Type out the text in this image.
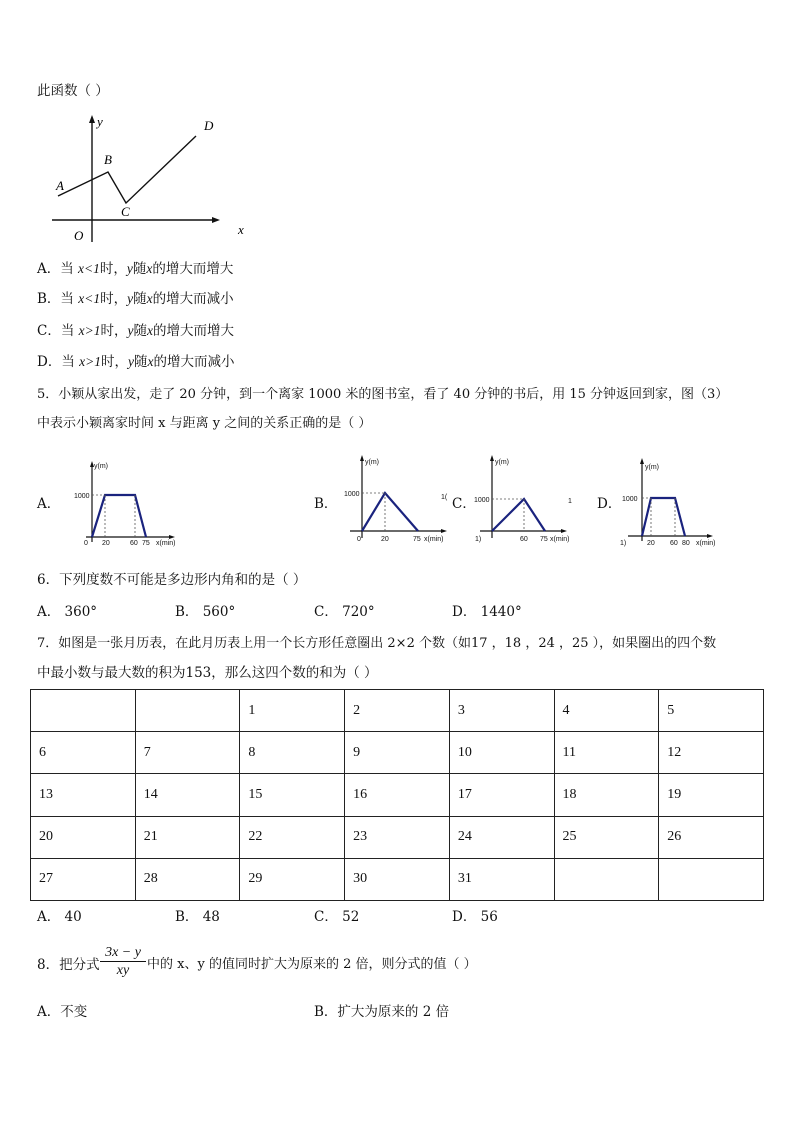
此函数（ ）
y
x
O
A
B
C
D
A．当 x<1时，y随x的增大而增大
B．当 x<1时，y随x的增大而减小
C．当 x>1时，y随x的增大而增大
D．当 x>1时，y随x的增大而减小
5．小颖从家出发，走了 20 分钟，到一个离家 1000 米的图书室，看了 40 分钟的书后，用 15 分钟返回到家，图（3）
中表示小颖离家时间 x 与距离 y 之间的关系正确的是（ ）
A．
y(m)
x(min)
1000
0 20	60 75
B．
y(m)
x(min)
1000
0	20	75
1( C．
y(m)
x(min)
1000
1)	60 75
1 D．
y(m)
x(min)
1000
1)	20 60 80
6．下列度数不可能是多边形内角和的是（ ）
A． 360°	B． 560°	C． 720°	D． 1440°
7．如图是一张月历表，在此月历表上用一个长方形任意圈出 2×2 个数（如17 ，18 ，24 ，25 ），如果圈出的四个数
中最小数与最大数的积为153，那么这四个数的和为（ ）
		1	2	3	4	5
6	7	8	9	10	11	12
13	14	15	16	17	18	19
20	21	22	23	24	25	26
27	28	29	30	31		
A． 40	B． 48	C． 52	D． 56
8．把分式 $\frac{3x - y}{xy}$ 中的 x、y 的值同时扩大为原来的 2 倍，则分式的值（ ）
A．不变	B．扩大为原来的 2 倍
